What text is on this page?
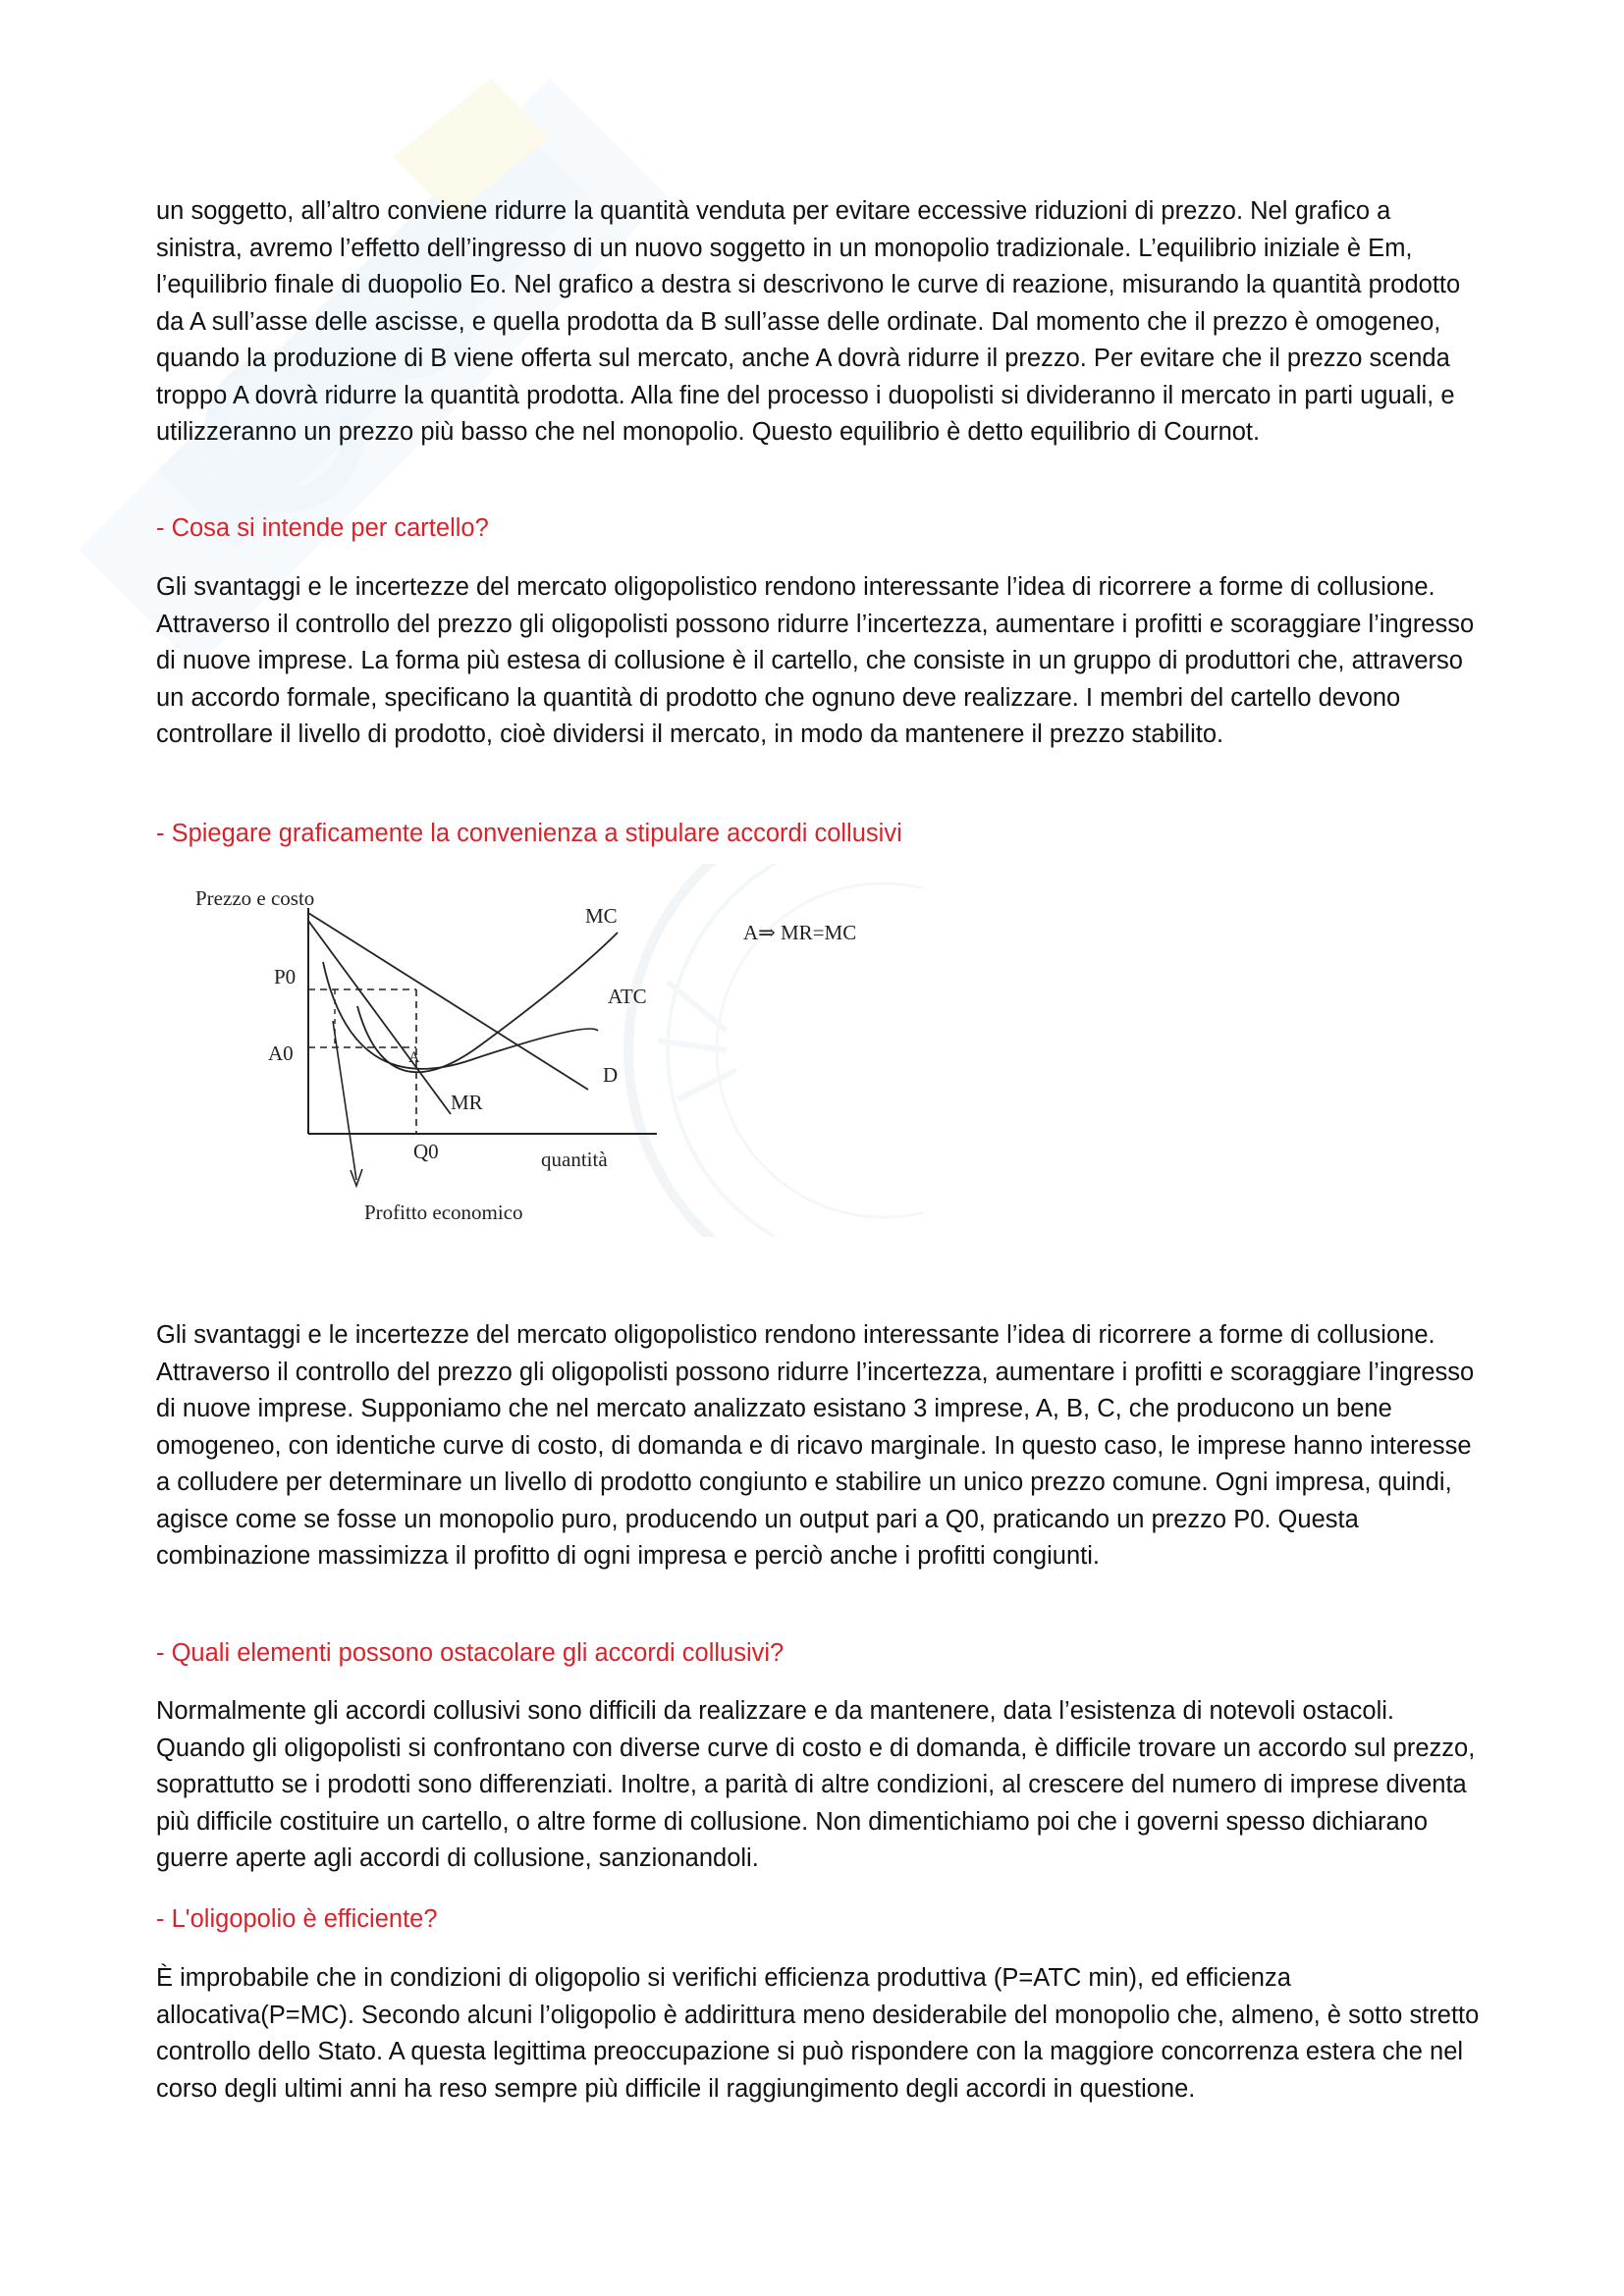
un soggetto, all’altro conviene ridurre la quantità venduta per evitare eccessive riduzioni di prezzo. Nel grafico a sinistra, avremo l’effetto dell’ingresso di un nuovo soggetto in un monopolio tradizionale. L’equilibrio iniziale è Em, l’equilibrio finale di duopolio Eo. Nel grafico a destra si descrivono le curve di reazione, misurando la quantità prodotto da A sull’asse delle ascisse, e quella prodotta da B sull’asse delle ordinate. Dal momento che il prezzo è omogeneo, quando la produzione di B viene offerta sul mercato, anche A dovrà ridurre il prezzo. Per evitare che il prezzo scenda troppo A dovrà ridurre la quantità prodotta. Alla fine del processo i duopolisti si divideranno il mercato in parti uguali, e utilizzeranno un prezzo più basso che nel monopolio. Questo equilibrio è detto equilibrio di Cournot.

- Cosa si intende per cartello?

Gli svantaggi e le incertezze del mercato oligopolistico rendono interessante l’idea di ricorrere a forme di collusione. Attraverso il controllo del prezzo gli oligopolisti possono ridurre l’incertezza, aumentare i profitti e scoraggiare l’ingresso di nuove imprese. La forma più estesa di collusione è il cartello, che consiste in un gruppo di produttori che, attraverso un accordo formale, specificano la quantità di prodotto che ognuno deve realizzare. I membri del cartello devono controllare il livello di prodotto, cioè dividersi il mercato, in modo da mantenere il prezzo stabilito.

- Spiegare graficamente la convenienza a stipulare accordi collusivi

Prezzo e costo
MC
A⇒ MR=MC
P0
ATC
A0	A
D
MR
Q0	quantità
Profitto economico

Gli svantaggi e le incertezze del mercato oligopolistico rendono interessante l’idea di ricorrere a forme di collusione. Attraverso il controllo del prezzo gli oligopolisti possono ridurre l’incertezza, aumentare i profitti e scoraggiare l’ingresso di nuove imprese. Supponiamo che nel mercato analizzato esistano 3 imprese, A, B, C, che producono un bene omogeneo, con identiche curve di costo, di domanda e di ricavo marginale. In questo caso, le imprese hanno interesse a colludere per determinare un livello di prodotto congiunto e stabilire un unico prezzo comune. Ogni impresa, quindi, agisce come se fosse un monopolio puro, producendo un output pari a Q0, praticando un prezzo P0. Questa combinazione massimizza il profitto di ogni impresa e perciò anche i profitti congiunti.

- Quali elementi possono ostacolare gli accordi collusivi?

Normalmente gli accordi collusivi sono difficili da realizzare e da mantenere, data l’esistenza di notevoli ostacoli. Quando gli oligopolisti si confrontano con diverse curve di costo e di domanda, è difficile trovare un accordo sul prezzo, soprattutto se i prodotti sono differenziati. Inoltre, a parità di altre condizioni, al crescere del numero di imprese diventa più difficile costituire un cartello, o altre forme di collusione. Non dimentichiamo poi che i governi spesso dichiarano guerre aperte agli accordi di collusione, sanzionandoli.

- L'oligopolio è efficiente?

È improbabile che in condizioni di oligopolio si verifichi efficienza produttiva (P=ATC min), ed efficienza allocativa(P=MC). Secondo alcuni l’oligopolio è addirittura meno desiderabile del monopolio che, almeno, è sotto stretto controllo dello Stato. A questa legittima preoccupazione si può rispondere con la maggiore concorrenza estera che nel corso degli ultimi anni ha reso sempre più difficile il raggiungimento degli accordi in questione.
